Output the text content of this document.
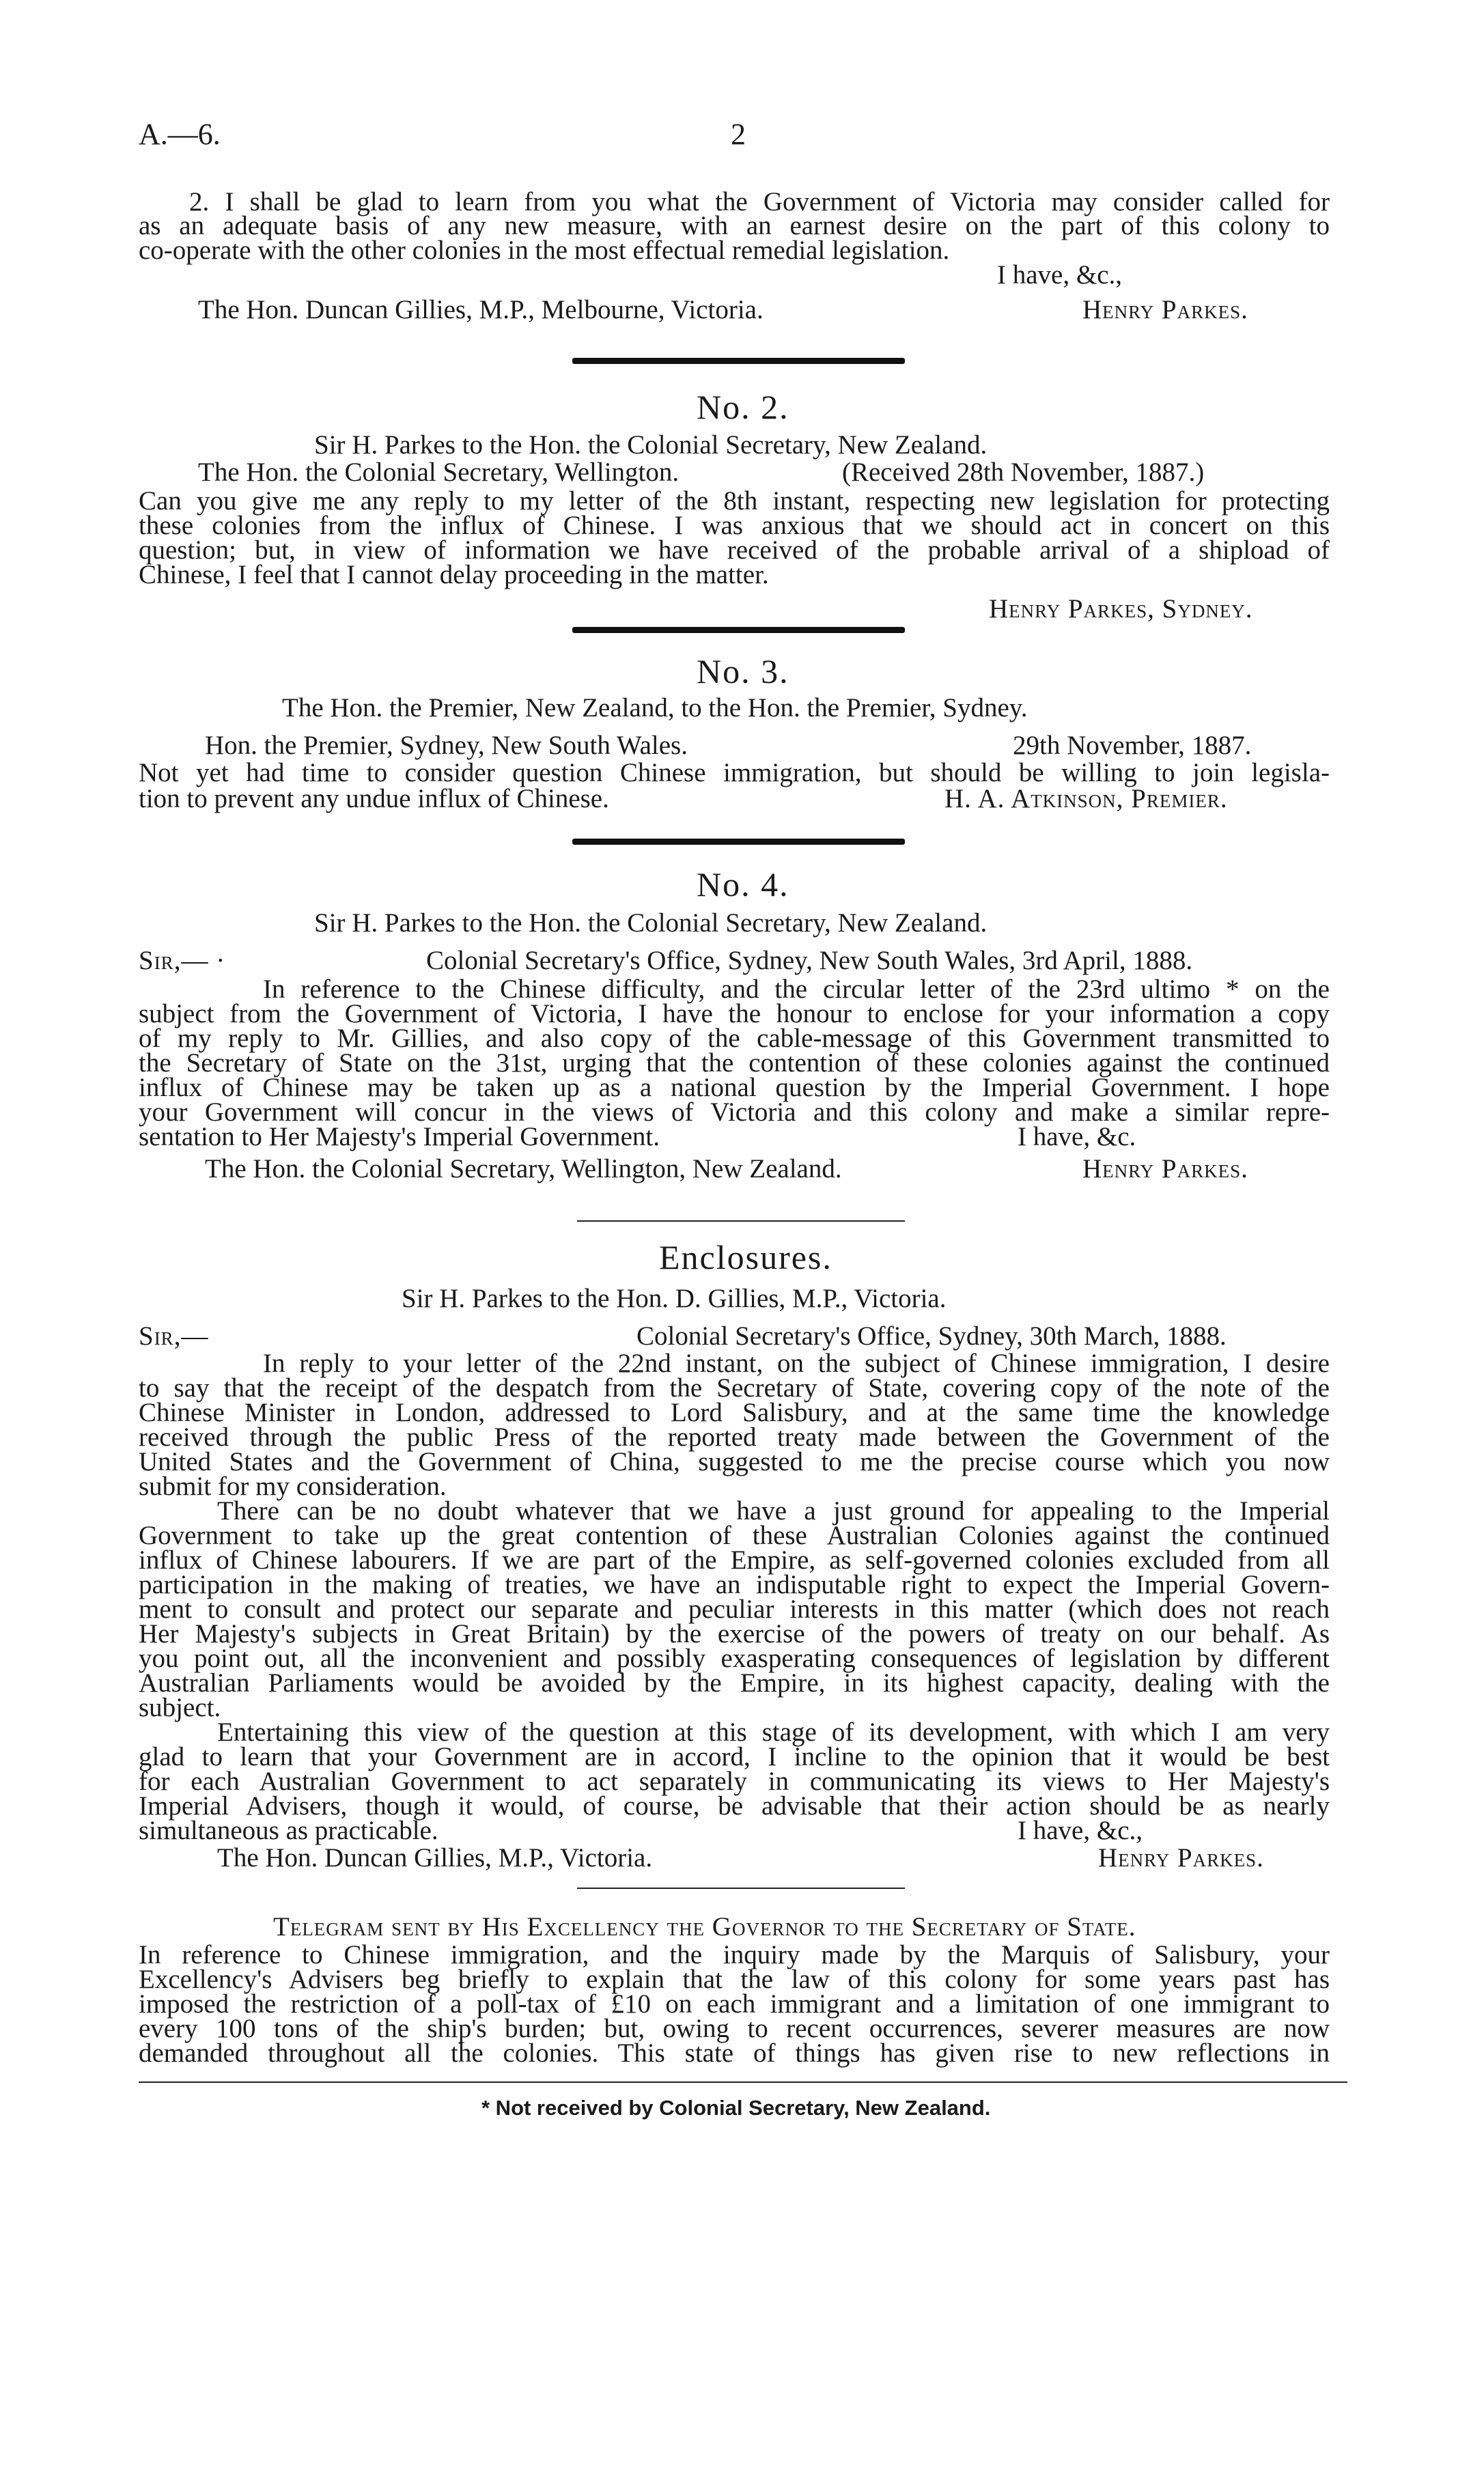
A.—6.	2
2. I shall be glad to learn from you what the Government of Victoria may consider called for
as an adequate basis of any new measure, with an earnest desire on the part of this colony to
co-operate with the other colonies in the most effectual remedial legislation.
I have, &c.,
The Hon. Duncan Gillies, M.P., Melbourne, Victoria.	Henry Parkes.
No. 2.
Sir H. Parkes to the Hon. the Colonial Secretary, New Zealand.
The Hon. the Colonial Secretary, Wellington.	(Received 28th November, 1887.)
Can you give me any reply to my letter of the 8th instant, respecting new legislation for protecting
these colonies from the influx of Chinese. I was anxious that we should act in concert on this
question; but, in view of information we have received of the probable arrival of a shipload of
Chinese, I feel that I cannot delay proceeding in the matter.
Henry Parkes, Sydney.
No. 3.
The Hon. the Premier, New Zealand, to the Hon. the Premier, Sydney.
Hon. the Premier, Sydney, New South Wales.	29th November, 1887.
Not yet had time to consider question Chinese immigration, but should be willing to join legisla-
tion to prevent any undue influx of Chinese.	H. A. Atkinson, Premier.
No. 4.
Sir H. Parkes to the Hon. the Colonial Secretary, New Zealand.
Sir,— ·	Colonial Secretary's Office, Sydney, New South Wales, 3rd April, 1888.
In reference to the Chinese difficulty, and the circular letter of the 23rd ultimo * on the
subject from the Government of Victoria, I have the honour to enclose for your information a copy
of my reply to Mr. Gillies, and also copy of the cable-message of this Government transmitted to
the Secretary of State on the 31st, urging that the contention of these colonies against the continued
influx of Chinese may be taken up as a national question by the Imperial Government. I hope
your Government will concur in the views of Victoria and this colony and make a similar repre-
sentation to Her Majesty's Imperial Government.	I have, &c.
The Hon. the Colonial Secretary, Wellington, New Zealand.	Henry Parkes.
Enclosures.
Sir H. Parkes to the Hon. D. Gillies, M.P., Victoria.
Sir,—	Colonial Secretary's Office, Sydney, 30th March, 1888.
In reply to your letter of the 22nd instant, on the subject of Chinese immigration, I desire
to say that the receipt of the despatch from the Secretary of State, covering copy of the note of the
Chinese Minister in London, addressed to Lord Salisbury, and at the same time the knowledge
received through the public Press of the reported treaty made between the Government of the
United States and the Government of China, suggested to me the precise course which you now
submit for my consideration.
There can be no doubt whatever that we have a just ground for appealing to the Imperial
Government to take up the great contention of these Australian Colonies against the continued
influx of Chinese labourers. If we are part of the Empire, as self-governed colonies excluded from all
participation in the making of treaties, we have an indisputable right to expect the Imperial Govern-
ment to consult and protect our separate and peculiar interests in this matter (which does not reach
Her Majesty's subjects in Great Britain) by the exercise of the powers of treaty on our behalf. As
you point out, all the inconvenient and possibly exasperating consequences of legislation by different
Australian Parliaments would be avoided by the Empire, in its highest capacity, dealing with the
subject.
Entertaining this view of the question at this stage of its development, with which I am very
glad to learn that your Government are in accord, I incline to the opinion that it would be best
for each Australian Government to act separately in communicating its views to Her Majesty's
Imperial Advisers, though it would, of course, be advisable that their action should be as nearly
simultaneous as practicable.	I have, &c.,
The Hon. Duncan Gillies, M.P., Victoria.	Henry Parkes.
Telegram sent by His Excellency the Governor to the Secretary of State.
In reference to Chinese immigration, and the inquiry made by the Marquis of Salisbury, your
Excellency's Advisers beg briefly to explain that the law of this colony for some years past has
imposed the restriction of a poll-tax of £10 on each immigrant and a limitation of one immigrant to
every 100 tons of the ship's burden; but, owing to recent occurrences, severer measures are now
demanded throughout all the colonies. This state of things has given rise to new reflections in
* Not received by Colonial Secretary, New Zealand.
